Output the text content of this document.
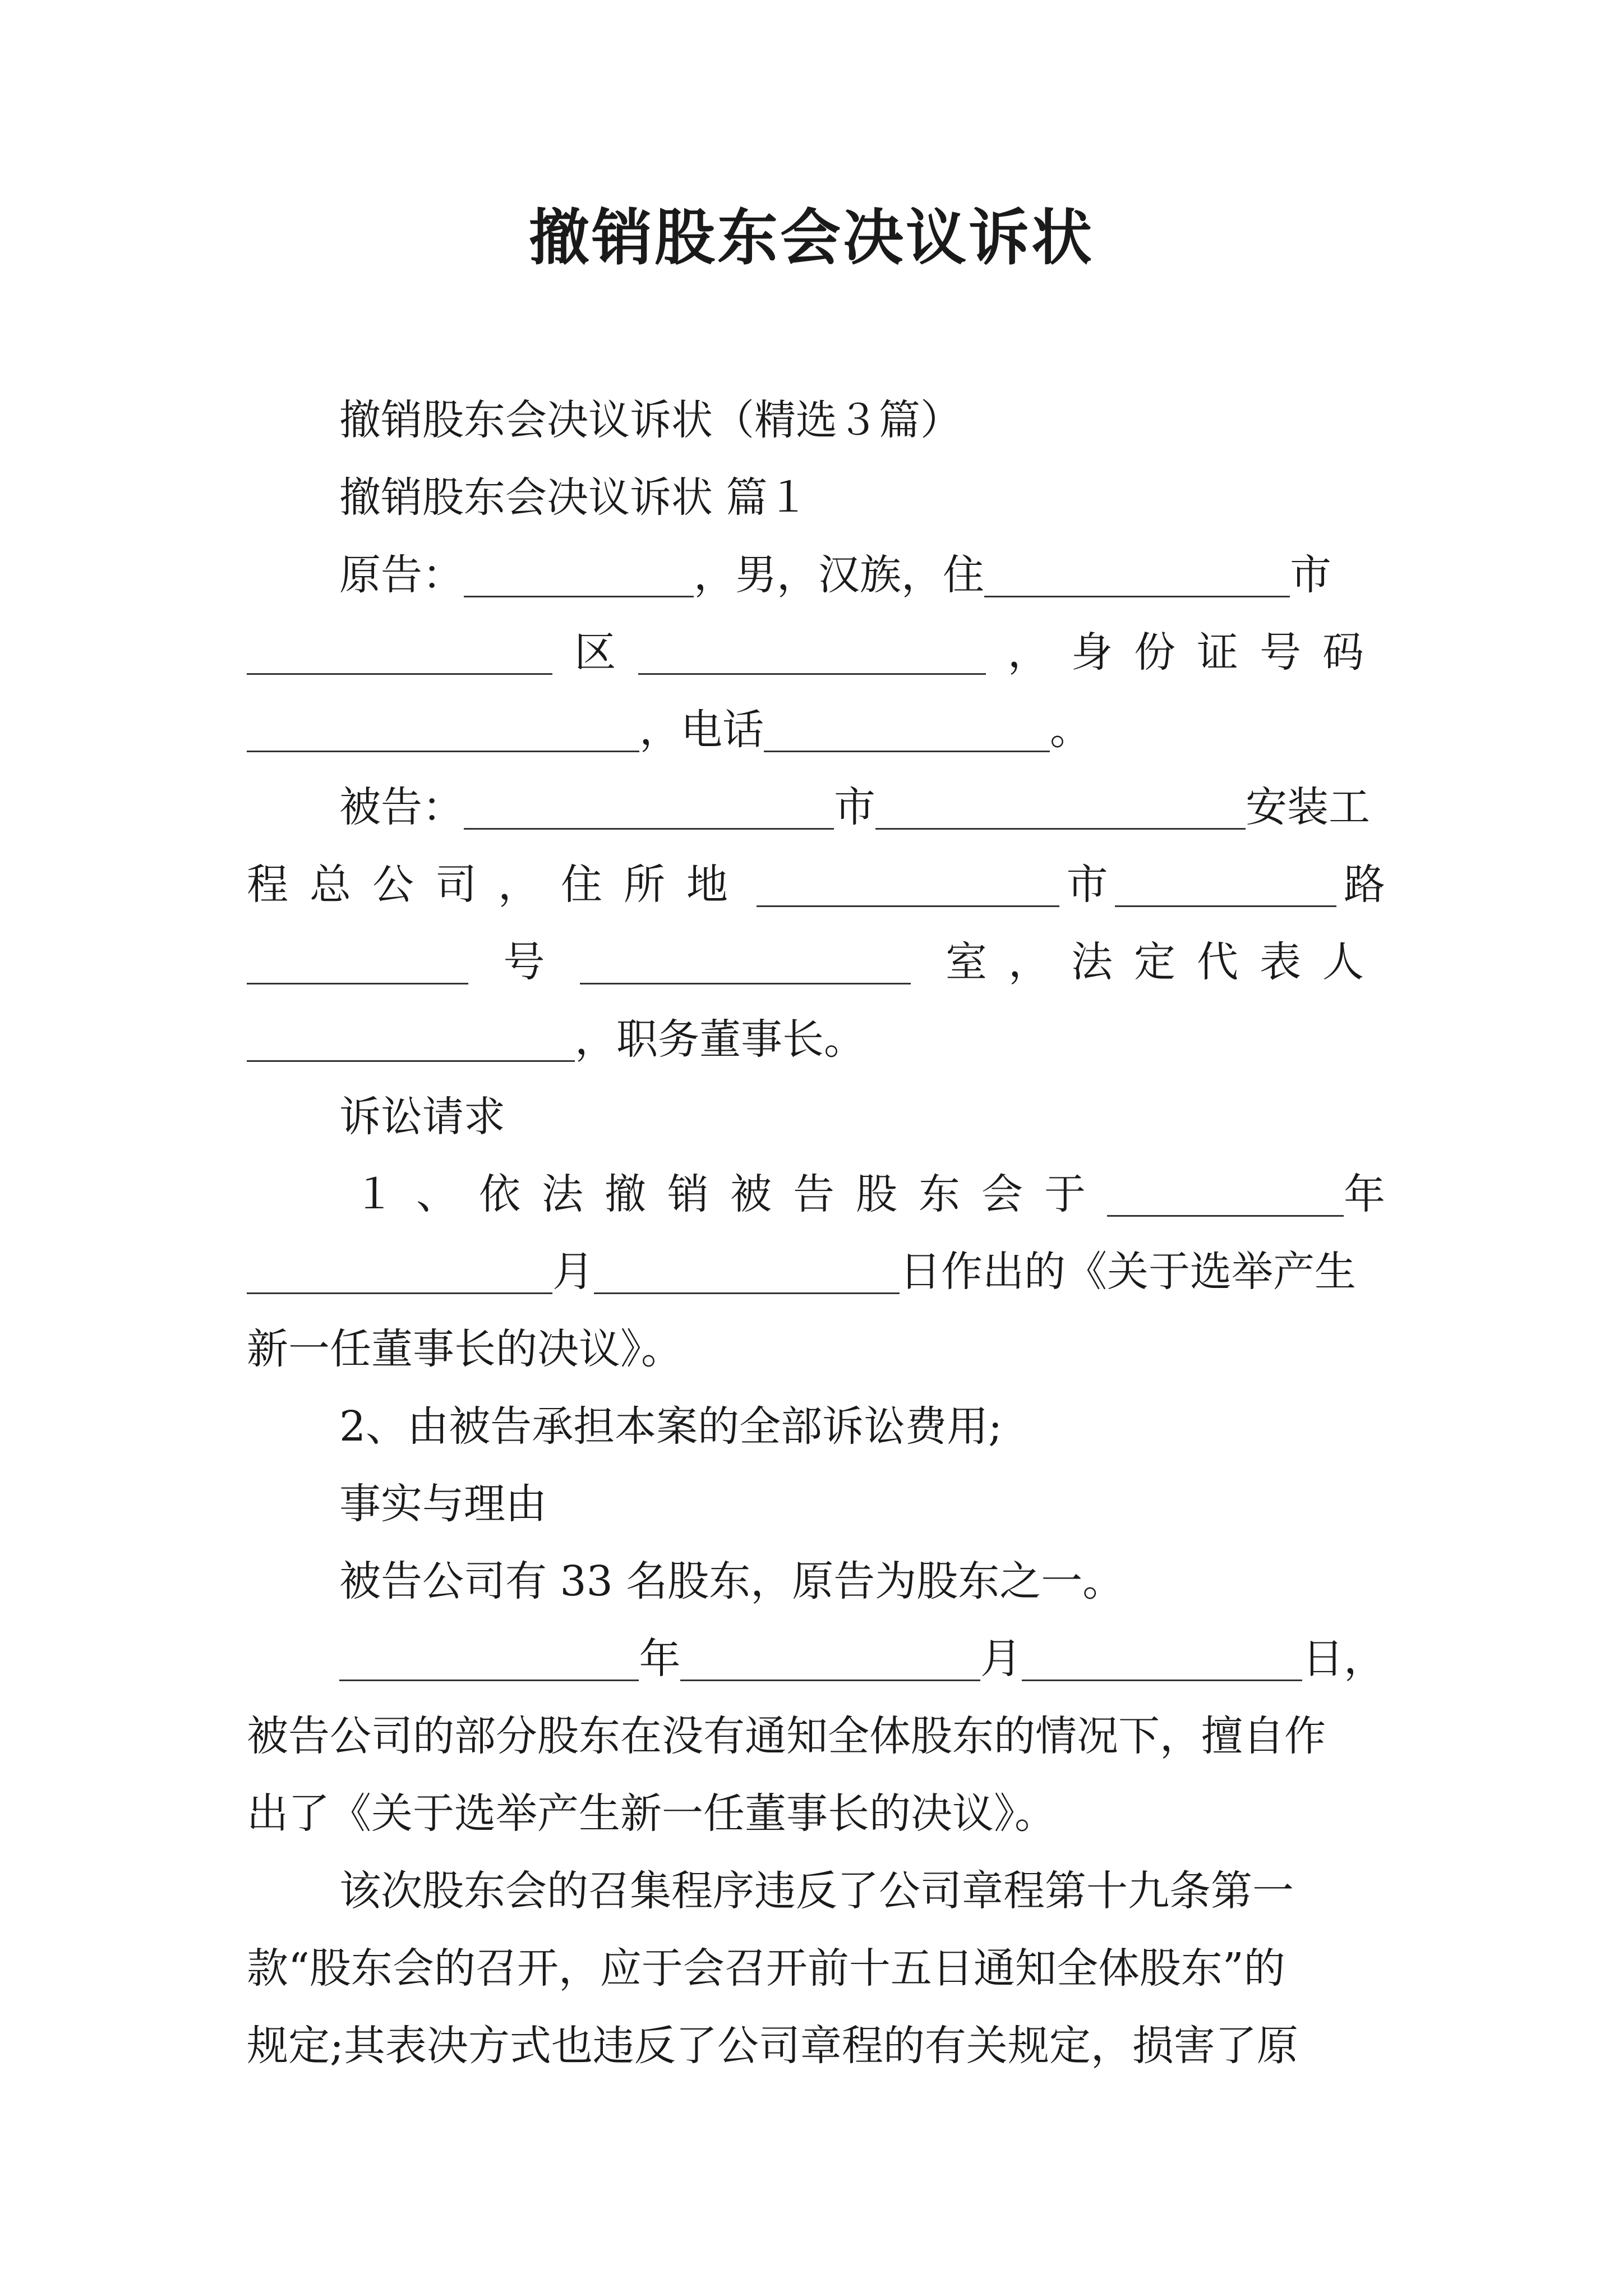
撤销股东会决议诉状
撤销股东会决议诉状（精选３篇）
撤销股东会决议诉状 篇１
原告：	，男，汉族，住	市
区	， 身份证号码
，电话	。
被告：	市	安装工
程总公司，住所地	市	路
号	室，法定代表人
，职务董事长。
诉讼请求
１、依法撤销被告股东会于	年
月	日作出的《关于选举产生
新一任董事长的决议》。
2、由被告承担本案的全部诉讼费用;
事实与理由
被告公司有 33 名股东，原告为股东之一。
年	月	日，
被告公司的部分股东在没有通知全体股东的情况下，擅自作
出了《关于选举产生新一任董事长的决议》。
该次股东会的召集程序违反了公司章程第十九条第一
款“股东会的召开，应于会召开前十五日通知全体股东”的
规定;其表决方式也违反了公司章程的有关规定，损害了原
